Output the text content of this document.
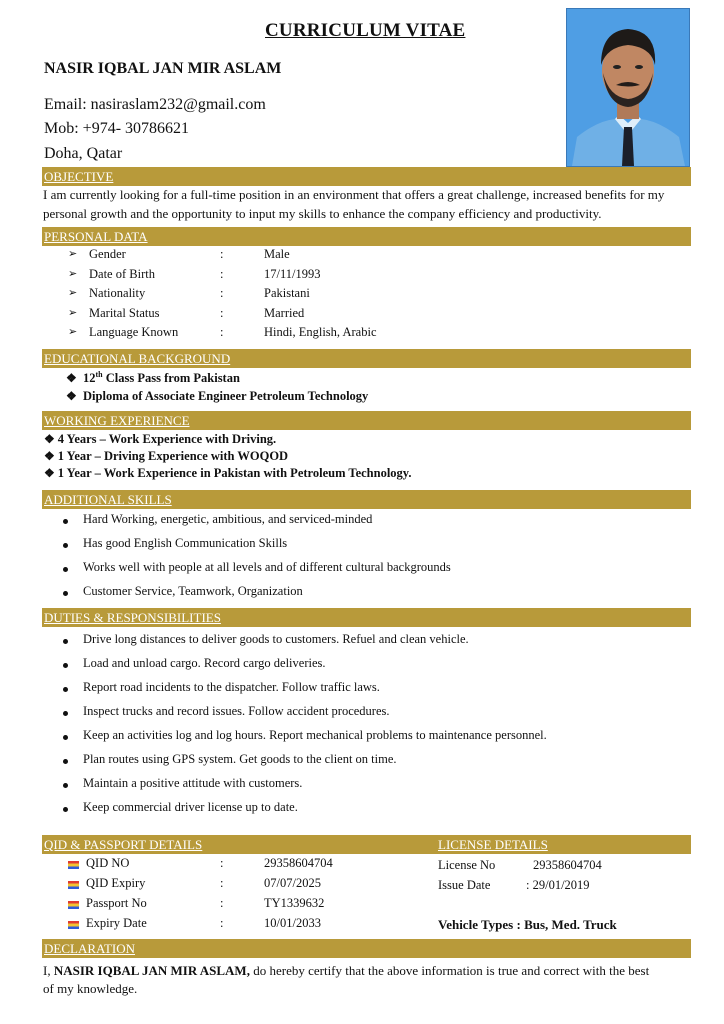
CURRICULUM VITAE
NASIR IQBAL JAN MIR ASLAM
Email: nasiraslam232@gmail.com
Mob: +974- 30786621
Doha, Qatar
OBJECTIVE
I am currently looking for a full-time position in an environment that offers a great challenge, increased benefits for my
personal growth and the opportunity to input my skills to enhance the company efficiency and productivity.
PERSONAL DATA
➢ Gender	:	Male
➢ Date of Birth	:	17/11/1993
➢ Nationality	:	Pakistani
➢ Marital Status	:	Married
➢ Language Known	:	Hindi, English, Arabic
EDUCATIONAL BACKGROUND
❖ 12th Class Pass from Pakistan
❖ Diploma of Associate Engineer Petroleum Technology
WORKING EXPERIENCE
❖ 4 Years – Work Experience with Driving.
❖ 1 Year – Driving Experience with WOQOD
❖ 1 Year – Work Experience in Pakistan with Petroleum Technology.
ADDITIONAL SKILLS
Hard Working, energetic, ambitious, and serviced-minded
Has good English Communication Skills
Works well with people at all levels and of different cultural backgrounds
Customer Service, Teamwork, Organization
DUTIES & RESPONSIBILITIES
Drive long distances to deliver goods to customers. Refuel and clean vehicle.
Load and unload cargo. Record cargo deliveries.
Report road incidents to the dispatcher. Follow traffic laws.
Inspect trucks and record issues. Follow accident procedures.
Keep an activities log and log hours. Report mechanical problems to maintenance personnel.
Plan routes using GPS system. Get goods to the client on time.
Maintain a positive attitude with customers.
Keep commercial driver license up to date.
QID & PASSPORT DETAILS	LICENSE DETAILS
QID NO	:	29358604704
QID Expiry	:	07/07/2025
Passport No	:	TY1339632
Expiry Date	:	10/01/2033
License No	29358604704
Issue Date	: 29/01/2019
Vehicle Types : Bus, Med. Truck
DECLARATION
I, NASIR IQBAL JAN MIR ASLAM, do hereby certify that the above information is true and correct with the best
of my knowledge.
